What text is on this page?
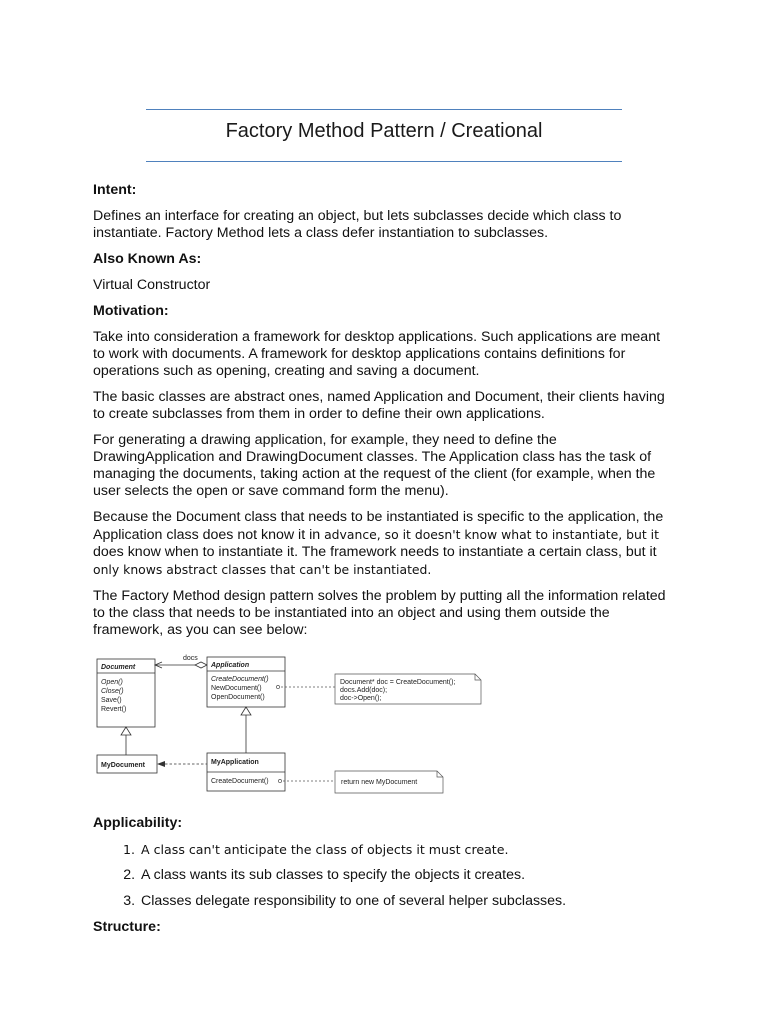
Factory Method Pattern / Creational
Intent:

Defines an interface for creating an object, but lets subclasses decide which class to instantiate. Factory Method lets a class defer instantiation to subclasses.

Also Known As:

Virtual Constructor

Motivation:

Take into consideration a framework for desktop applications. Such applications are meant to work with documents. A framework for desktop applications contains definitions for operations such as opening, creating and saving a document.

The basic classes are abstract ones, named Application and Document, their clients having to create subclasses from them in order to define their own applications.

For generating a drawing application, for example, they need to define the DrawingApplication and DrawingDocument classes. The Application class has the task of managing the documents, taking action at the request of the client (for example, when the user selects the open or save command form the menu).

Because the Document class that needs to be instantiated is specific to the application, the Application class does not know it in advance, so it doesn't know what to instantiate, but it
does know when to instantiate it. The framework needs to instantiate a certain class, but it
only knows abstract classes that can't be instantiated.

The Factory Method design pattern solves the problem by putting all the information related to the class that needs to be instantiated into an object and using them outside the framework, as you can see below:

Document
Open()
Close()
Save()
Revert()
docs
Application
CreateDocument()
NewDocument()
OpenDocument()
Document* doc = CreateDocument();
docs.Add(doc);
doc->Open();
MyDocument	MyApplication
CreateDocument()	return new MyDocument
Applicability:
1. A class can't anticipate the class of objects it must create.
2. A class wants its sub classes to specify the objects it creates.
3. Classes delegate responsibility to one of several helper subclasses.
Structure:
